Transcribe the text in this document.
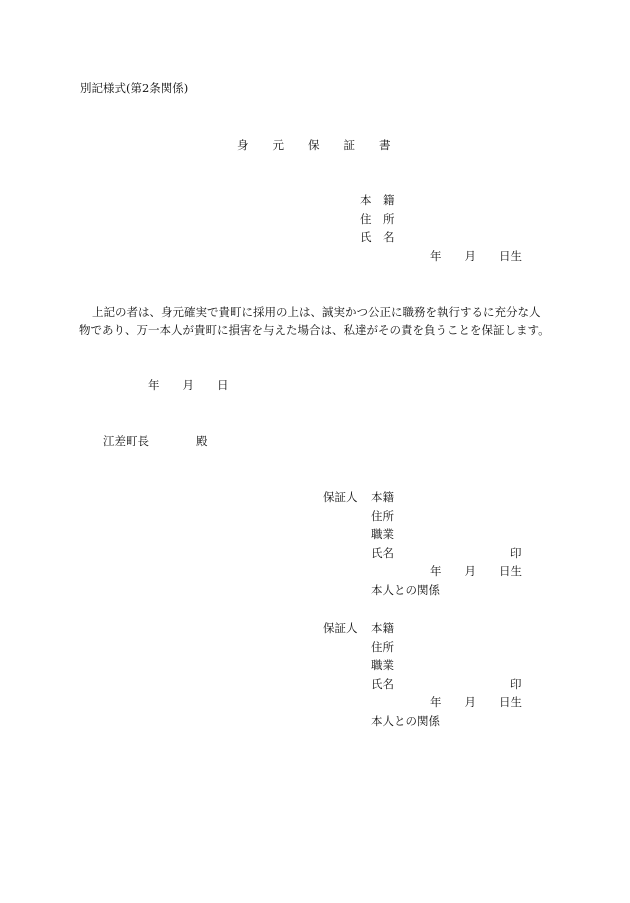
別記様式(第2条関係)
身元保証書
本　籍
住　所
氏　名
年　　月　　日生
上記の者は、身元確実で貴町に採用の上は、誠実かつ公正に職務を執行するに充分な人
物であり、万一本人が貴町に損害を与えた場合は、私達がその責を負うことを保証します。
年　　月　　日
江差町長	殿
保証人 本籍
住所
職業
氏名	印
年　　月　　日生
本人との関係
保証人 本籍
住所
職業
氏名	印
年　　月　　日生
本人との関係
